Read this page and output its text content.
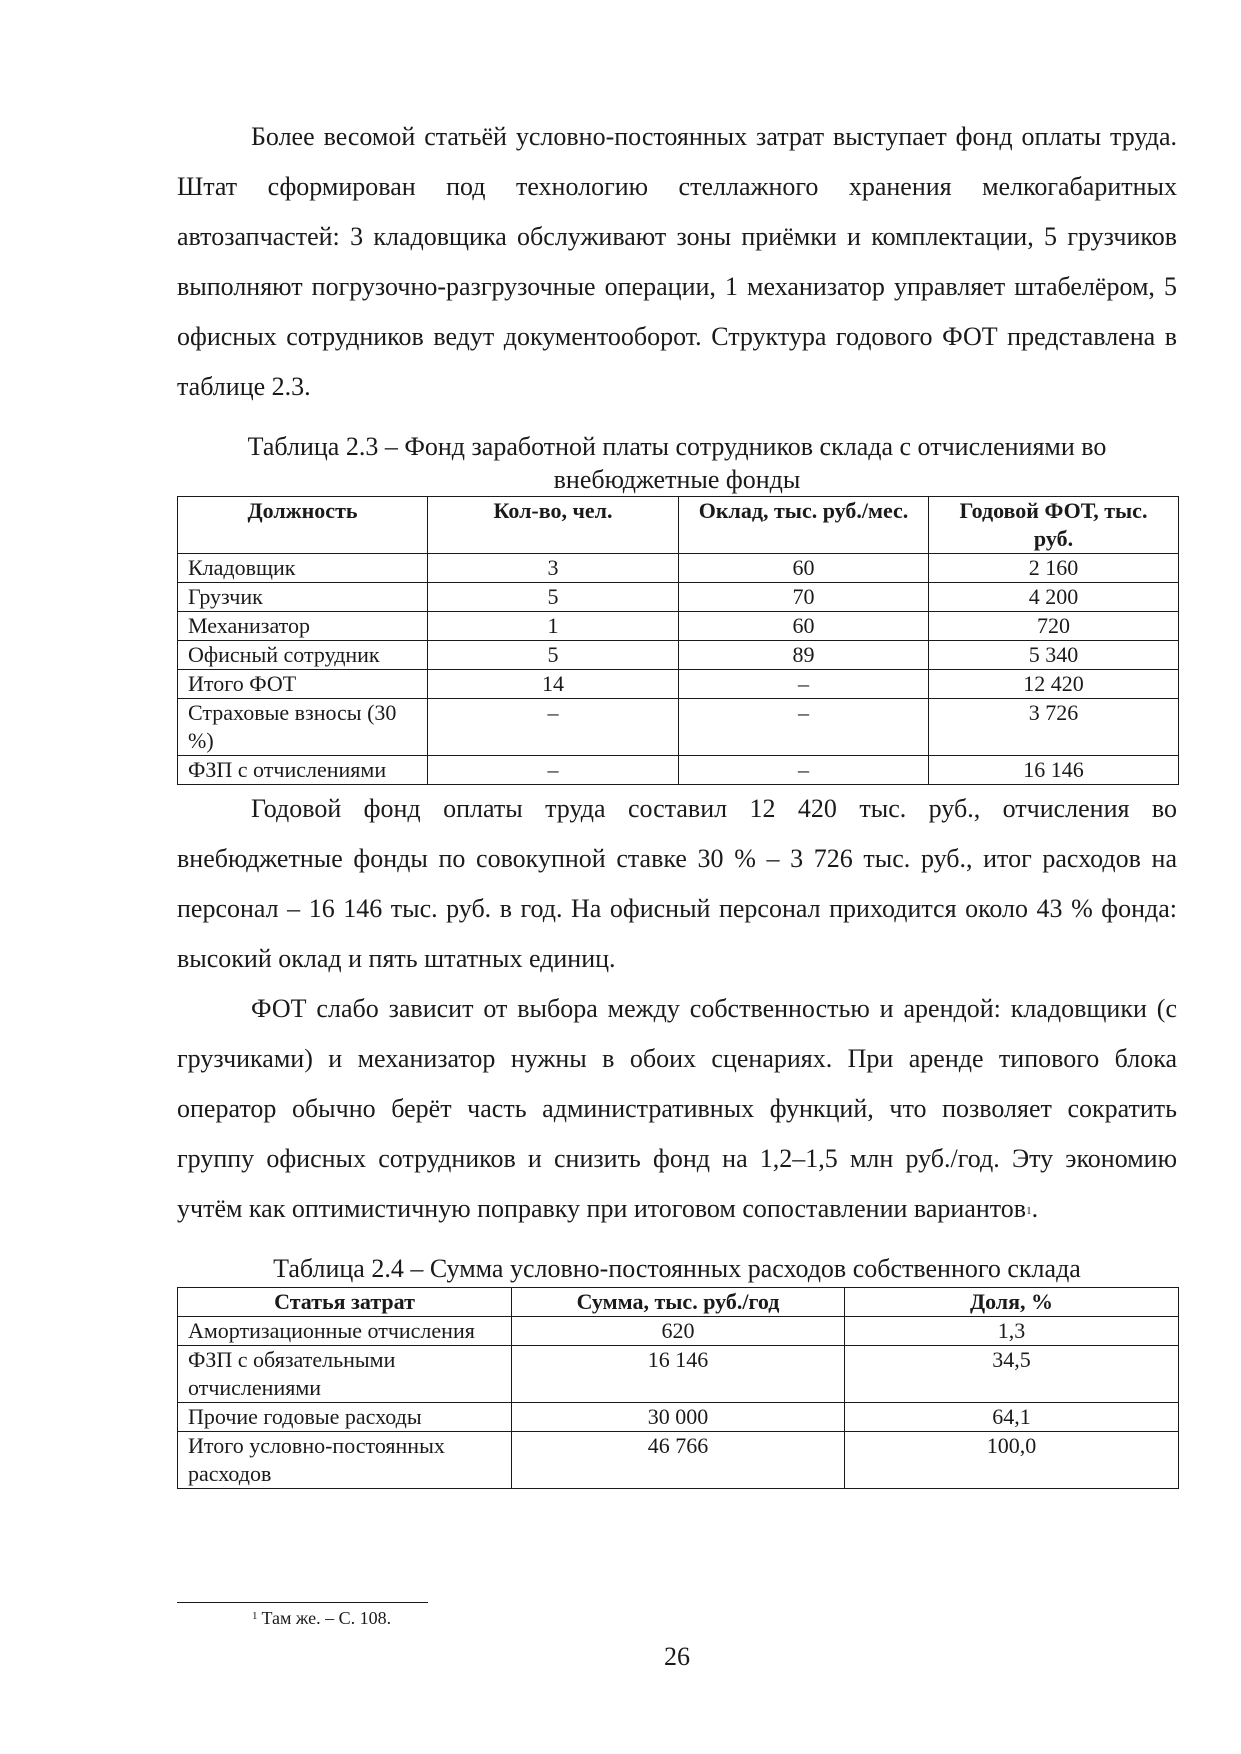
Более весомой статьёй условно-постоянных затрат выступает фонд оплаты труда. Штат сформирован под технологию стеллажного хранения мелкогабаритных автозапчастей: 3 кладовщика обслуживают зоны приёмки и комплектации, 5 грузчиков выполняют погрузочно-разгрузочные операции, 1 механизатор управляет штабелёром, 5 офисных сотрудников ведут документооборот. Структура годового ФОТ представлена в таблице 2.3.

Таблица 2.3 – Фонд заработной платы сотрудников склада с отчислениями во внебюджетные фонды

Должность	Кол-во, чел.	Оклад, тыс. руб./мес.	Годовой ФОТ, тыс. руб.
Кладовщик	3	60	2 160
Грузчик	5	70	4 200
Механизатор	1	60	720
Офисный сотрудник	5	89	5 340
Итого ФОТ	14	–	12 420
Страховые взносы (30 %)	–	–	3 726
ФЗП с отчислениями	–	–	16 146

Годовой фонд оплаты труда составил 12 420 тыс. руб., отчисления во внебюджетные фонды по совокупной ставке 30 % – 3 726 тыс. руб., итог расходов на персонал – 16 146 тыс. руб. в год. На офисный персонал приходится около 43 % фонда: высокий оклад и пять штатных единиц.

ФОТ слабо зависит от выбора между собственностью и арендой: кладовщики (с грузчиками) и механизатор нужны в обоих сценариях. При аренде типового блока оператор обычно берёт часть административных функций, что позволяет сократить группу офисных сотрудников и снизить фонд на 1,2–1,5 млн руб./год. Эту экономию учтём как оптимистичную поправку при итоговом сопоставлении вариантов$^1$.

Таблица 2.4 – Сумма условно-постоянных расходов собственного склада

Статья затрат	Сумма, тыс. руб./год	Доля, %
Амортизационные отчисления	620	1,3
ФЗП с обязательными отчислениями	16 146	34,5
Прочие годовые расходы	30 000	64,1
Итого условно-постоянных расходов	46 766	100,0
$^1$ Там же. – С. 108.
26
